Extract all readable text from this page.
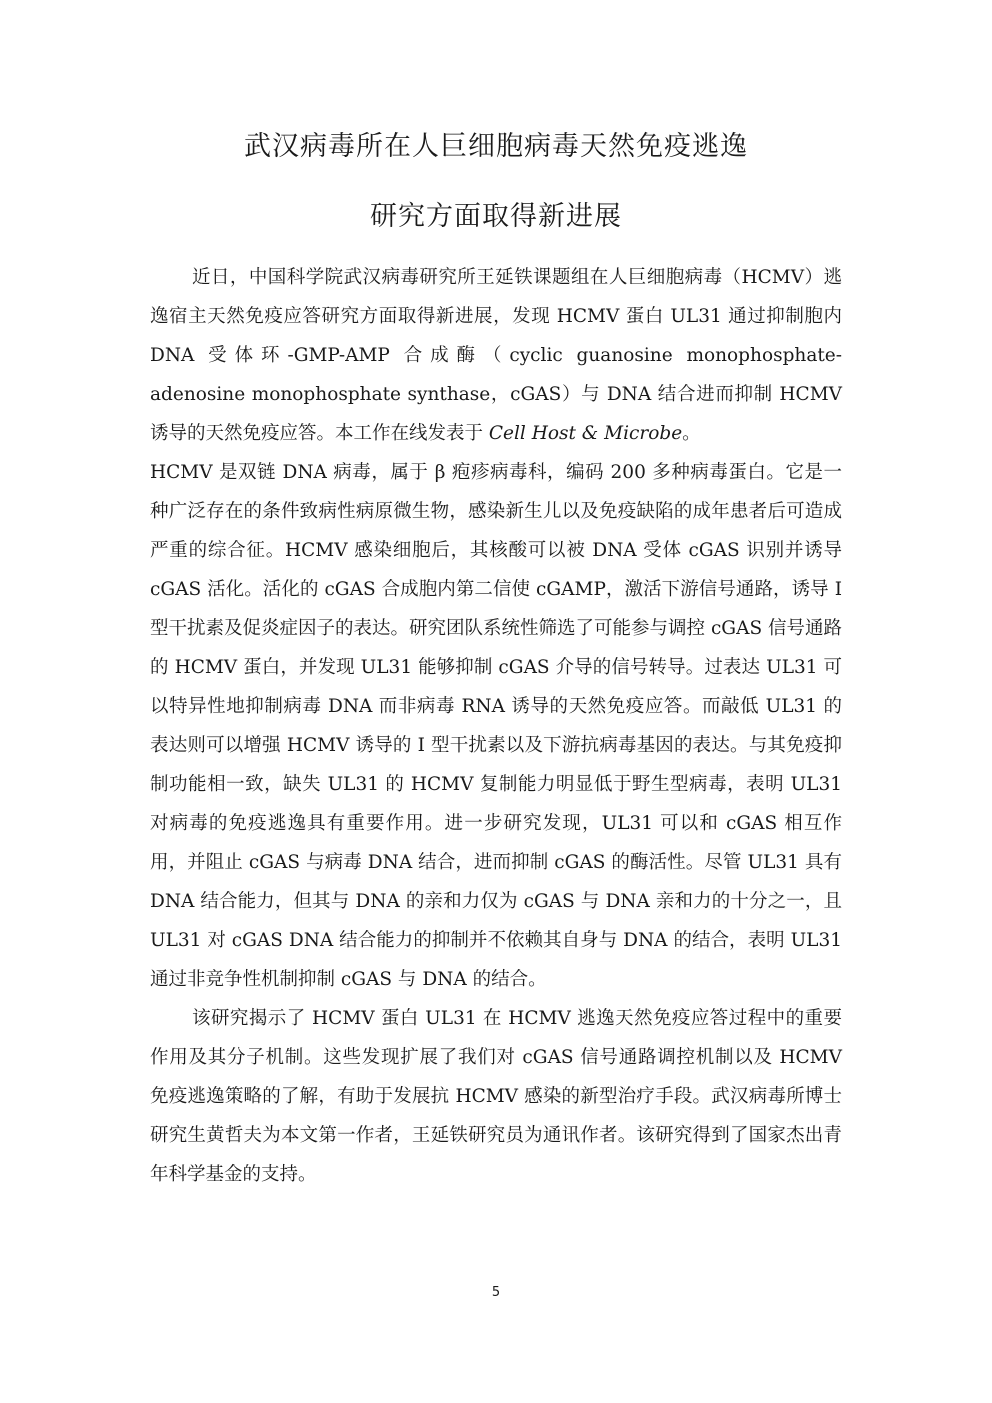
武汉病毒所在人巨细胞病毒天然免疫逃逸
研究方面取得新进展

近日，中国科学院武汉病毒研究所王延铁课题组在人巨细胞病毒（HCMV）逃逸宿主天然免疫应答研究方面取得新进展，发现 HCMV 蛋白 UL31 通过抑制胞内 DNA 受体环-GMP-AMP 合成酶（cyclic guanosine monophosphate-adenosine monophosphate synthase，cGAS）与 DNA 结合进而抑制 HCMV 诱导的天然免疫应答。本工作在线发表于 Cell Host & Microbe。

HCMV 是双链 DNA 病毒，属于 β 疱疹病毒科，编码 200 多种病毒蛋白。它是一种广泛存在的条件致病性病原微生物，感染新生儿以及免疫缺陷的成年患者后可造成严重的综合征。HCMV 感染细胞后，其核酸可以被 DNA 受体 cGAS 识别并诱导 cGAS 活化。活化的 cGAS 合成胞内第二信使 cGAMP，激活下游信号通路，诱导 I 型干扰素及促炎症因子的表达。研究团队系统性筛选了可能参与调控 cGAS 信号通路的 HCMV 蛋白，并发现 UL31 能够抑制 cGAS 介导的信号转导。过表达 UL31 可以特异性地抑制病毒 DNA 而非病毒 RNA 诱导的天然免疫应答。而敲低 UL31 的表达则可以增强 HCMV 诱导的 I 型干扰素以及下游抗病毒基因的表达。与其免疫抑制功能相一致，缺失 UL31 的 HCMV 复制能力明显低于野生型病毒，表明 UL31 对病毒的免疫逃逸具有重要作用。进一步研究发现，UL31 可以和 cGAS 相互作用，并阻止 cGAS 与病毒 DNA 结合，进而抑制 cGAS 的酶活性。尽管 UL31 具有 DNA 结合能力，但其与 DNA 的亲和力仅为 cGAS 与 DNA 亲和力的十分之一，且 UL31 对 cGAS DNA 结合能力的抑制并不依赖其自身与 DNA 的结合，表明 UL31 通过非竞争性机制抑制 cGAS 与 DNA 的结合。

该研究揭示了 HCMV 蛋白 UL31 在 HCMV 逃逸天然免疫应答过程中的重要作用及其分子机制。这些发现扩展了我们对 cGAS 信号通路调控机制以及 HCMV 免疫逃逸策略的了解，有助于发展抗 HCMV 感染的新型治疗手段。武汉病毒所博士研究生黄哲夫为本文第一作者，王延铁研究员为通讯作者。该研究得到了国家杰出青年科学基金的支持。

5
